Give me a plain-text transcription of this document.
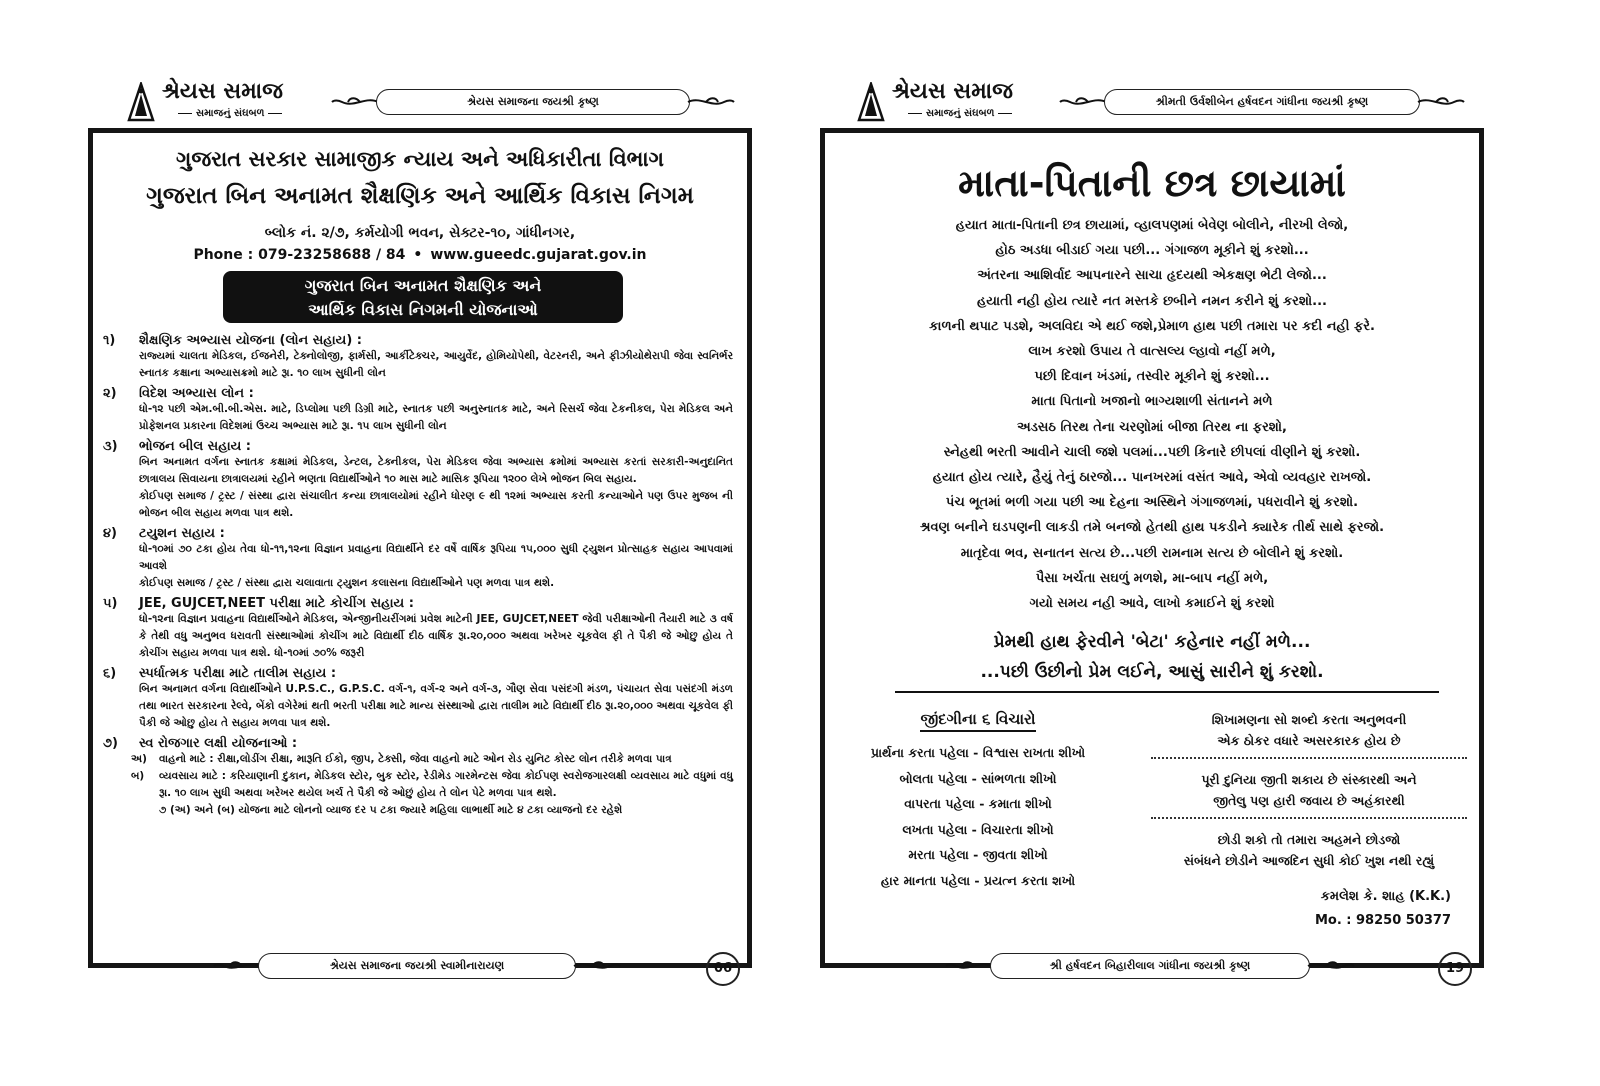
શ્રેયસ સમાજ
સમાજનું સંઘબળ
શ્રેયસ સમાજના જયશ્રી કૃષ્ણ
ગુજરાત સરકાર સામાજીક ન્યાય અને અધિકારીતા વિભાગ
ગુજરાત બિન અનામત શૈક્ષણિક અને આર્થિક વિકાસ નિગમ
બ્લોક નં. ૨/૭, કર્મયોગી ભવન, સેક્ટર-૧૦, ગાંધીનગર,
Phone : 079-23258688 / 84 • www.gueedc.gujarat.gov.in
ગુજરાત બિન અનામત શૈક્ષણિક અને
આર્થિક વિકાસ નિગમની યોજનાઓ
૧)	શૈક્ષણિક અભ્યાસ યોજના (લોન સહાય) :
રાજ્યમાં ચાલતા મેડિકલ, ઈજનેરી, ટેક્નોલોજી, ફાર્મસી, આર્કીટેક્ચર, આયુર્વેદ, હોમિયોપેથી, વેટરનરી, અને ફીઝીયોથેરાપી જેવા સ્વનિર્ભર સ્નાતક કક્ષાના અભ્યાસક્રમો માટે રૂા. ૧૦ લાખ સુધીની લોન
૨)	વિદેશ અભ્યાસ લોન :
ધો-૧૨ પછી એમ.બી.બી.એસ. માટે, ડિપ્લોમા પછી ડિગ્રી માટે, સ્નાતક પછી અનુસ્નાતક માટે, અને રિસર્ચ જેવા ટેકનીકલ, પેરા મેડિકલ અને પ્રોફેશનલ પ્રકારના વિદેશમાં ઉચ્ચ અભ્યાસ માટે રૂા. ૧૫ લાખ સુધીની લોન
૩)	ભોજન બીલ સહાય :
બિન અનામત વર્ગના સ્નાતક કક્ષામાં મેડિકલ, ડેન્ટલ, ટેક્નીકલ, પેરા મેડિકલ જેવા અભ્યાસ ક્રમોમાં અભ્યાસ કરતાં સરકારી-અનુદાનિત છાત્રાલય સિવાયના છાત્રાલયમાં રહીને ભણતા વિદ્યાર્થીઓને ૧૦ માસ માટે માસિક રૂપિયા ૧૨૦૦ લેખે ભોજન બિલ સહાય.
કોઈપણ સમાજ / ટ્રસ્ટ / સંસ્થા દ્વારા સંચાલીત કન્યા છાત્રાલયોમાં રહીને ધોરણ ૯ થી ૧૨માં અભ્યાસ કરતી કન્યાઓને પણ ઉપર મુજબ ની ભોજન બીલ સહાય મળવા પાત્ર થશે.
૪)	ટયુશન સહાય :
ધો-૧૦માં ૭૦ ટકા હોય તેવા ધો-૧૧,૧૨ના વિજ્ઞાન પ્રવાહના વિદ્યાર્થીને દર વર્ષે વાર્ષિક રૂપિયા ૧૫,૦૦૦ સુધી ટ્યુશન પ્રોત્સાહક સહાય આપવામાં આવશે
કોઈપણ સમાજ / ટ્રસ્ટ / સંસ્થા દ્વારા ચલાવાતા ટ્યુશન કલાસના વિદ્યાર્થીઓને પણ મળવા પાત્ર થશે.
૫)	JEE, GUJCET,NEET પરીક્ષા માટે કોચીંગ સહાય :
ધો-૧૨ના વિજ્ઞાન પ્રવાહના વિદ્યાર્થીઓને મેડિકલ, એન્જીનીયરીંગમાં પ્રવેશ માટેની JEE, GUJCET,NEET જેવી પરીક્ષાઓની તૈયારી માટે ૩ વર્ષ કે તેથી વધુ અનુભવ ધરાવતી સંસ્થાઓમાં કોચીંગ માટે વિદ્યાર્થી દીઠ વાર્ષિક રૂા.૨૦,૦૦૦ અથવા ખરેખર ચૂકવેલ ફી તે પૈકી જે ઓછુ હોય તે કોચીંગ સહાય મળવા પાત્ર થશે. ધો-૧૦માં ૭૦% જરૂરી
૬)	સ્પર્ધાત્મક પરીક્ષા માટે તાલીમ સહાય :
બિન અનામત વર્ગના વિદ્યાર્થીઓને U.P.S.C., G.P.S.C. વર્ગ-૧, વર્ગ-૨ અને વર્ગ-૩, ગૌણ સેવા પસંદગી મંડળ, પંચાયત સેવા પસંદગી મંડળ તથા ભારત સરકારના રેલ્વે, બેંકો વગેરેમાં થતી ભરતી પરીક્ષા માટે માન્ય સંસ્થાઓ દ્વારા તાલીમ માટે વિદ્યાર્થી દીઠ રૂા.૨૦,૦૦૦ અથવા ચૂકવેલ ફી પૈકી જે ઓછુ હોય તે સહાય મળવા પાત્ર થશે.
૭)	સ્વ રોજગાર લક્ષી યોજનાઓ :
અ)	વાહનો માટે : રીક્ષા,લોડીંગ રીક્ષા, મારૂતિ ઈકો, જીપ, ટેક્સી, જેવા વાહનો માટે ઓન રોડ યુનિટ કોસ્ટ લોન તરીકે મળવા પાત્ર
બ)	વ્યવસાય માટે : કરિયાણાની દુકાન, મેડિકલ સ્ટોર, બુક સ્ટોર, રેડીમેડ ગારમેન્ટસ જેવા કોઈપણ સ્વરોજગારલક્ષી વ્યવસાય માટે વધુમાં વધુ રૂા. ૧૦ લાખ સુધી અથવા ખરેખર થયેલ ખર્ચ તે પૈકી જે ઓછું હોય તે લોન પેટે મળવા પાત્ર થશે.
૭ (અ) અને (બ) યોજના માટે લોનનો વ્યાજ દર ૫ ટકા જ્યારે મહિલા લાભાર્થી માટે ૪ ટકા વ્યાજનો દર રહેશે
શ્રેયસ સમાજના જયશ્રી સ્વામીનારાયણ	06
શ્રેયસ સમાજ
સમાજનું સંઘબળ
શ્રીમતી ઉર્વશીબેન હર્ષવદન ગાંધીના જયશ્રી કૃષ્ણ
માતા-પિતાની છત્ર છાયામાં
હયાત માતા-પિતાની છત્ર છાયામાં, વ્હાલપણમાં બેવેણ બોલીને, નીરખી લેજો,
હોઠ અડધા બીડાઈ ગયા પછી... ગંગાજળ મૂકીને શું કરશો...
અંતરના આશિર્વાદ આપનારને સાચા હૃદયથી એકક્ષણ ભેટી લેજો...
હયાતી નહી હોય ત્યારે નત મસ્તકે છબીને નમન કરીને શું કરશો...
કાળની થપાટ પડશે, અલવિદા એ થઈ જશે,પ્રેમાળ હાથ પછી તમારા પર કદી નહી ફરે.
લાખ કરશો ઉપાય તે વાત્સલ્ય લ્હાવો નહીં મળે,
પછી દિવાન ખંડમાં, તસ્વીર મૂકીને શું કરશો...
માતા પિતાનો ખજાનો ભાગ્યશાળી સંતાનને મળે
અડસઠ તિરથ તેના ચરણોમાં બીજા તિરથ ના ફરશો,
સ્નેહથી ભરતી આવીને ચાલી જશે પલમાં...પછી કિનારે છીપલાં વીણીને શું કરશો.
હયાત હોય ત્યારે, હૈયું તેનું ઠારજો... પાનખરમાં વસંત આવે, એવો વ્યવહાર રાખજો.
પંચ ભૂતમાં ભળી ગયા પછી આ દેહના અસ્થિને ગંગાજળમાં, પધરાવીને શું કરશો.
શ્રવણ બનીને ઘડપણની લાકડી તમે બનજો હેતથી હાથ પકડીને ક્યારેક તીર્થ સાથે ફરજો.
માતૃદેવા ભવ, સનાતન સત્ય છે...પછી રામનામ સત્ય છે બોલીને શું કરશો.
પૈસા ખર્ચતા સઘળું મળશે, મા-બાપ નહીં મળે,
ગયો સમય નહી આવે, લાખો કમાઈને શું કરશો
પ્રેમથી હાથ ફેરવીને 'બેટા' કહેનાર નહીં મળે...
...પછી ઉછીનો પ્રેમ લઈને, આસું સારીને શું કરશો.
જીંદગીના ૬ વિચારો
પ્રાર્થના કરતા પહેલા - વિશ્વાસ રાખતા શીખો
બોલતા પહેલા - સાંભળતા શીખો
વાપરતા પહેલા - કમાતા શીખો
લખતા પહેલા - વિચારતા શીખો
મરતા પહેલા - જીવતા શીખો
હાર માનતા પહેલા - પ્રયત્ન કરતા શખો
શિખામણના સો શબ્દો કરતા અનુભવની
એક ઠોકર વધારે અસરકારક હોય છે
પૂરી દુનિયા જીતી શકાય છે સંસ્કારથી અને
જીતેલુ પણ હારી જવાય છે અહંકારથી
છોડી શકો તો તમારા અહમને છોડજો
સંબંધને છોડીને આજદિન સુધી કોઈ ખુશ નથી રહ્યું
કમલેશ કે. શાહ (K.K.)
Mo. : 98250 50377
શ્રી હર્ષવદન બિહારીલાલ ગાંધીના જયશ્રી કૃષ્ણ	19
